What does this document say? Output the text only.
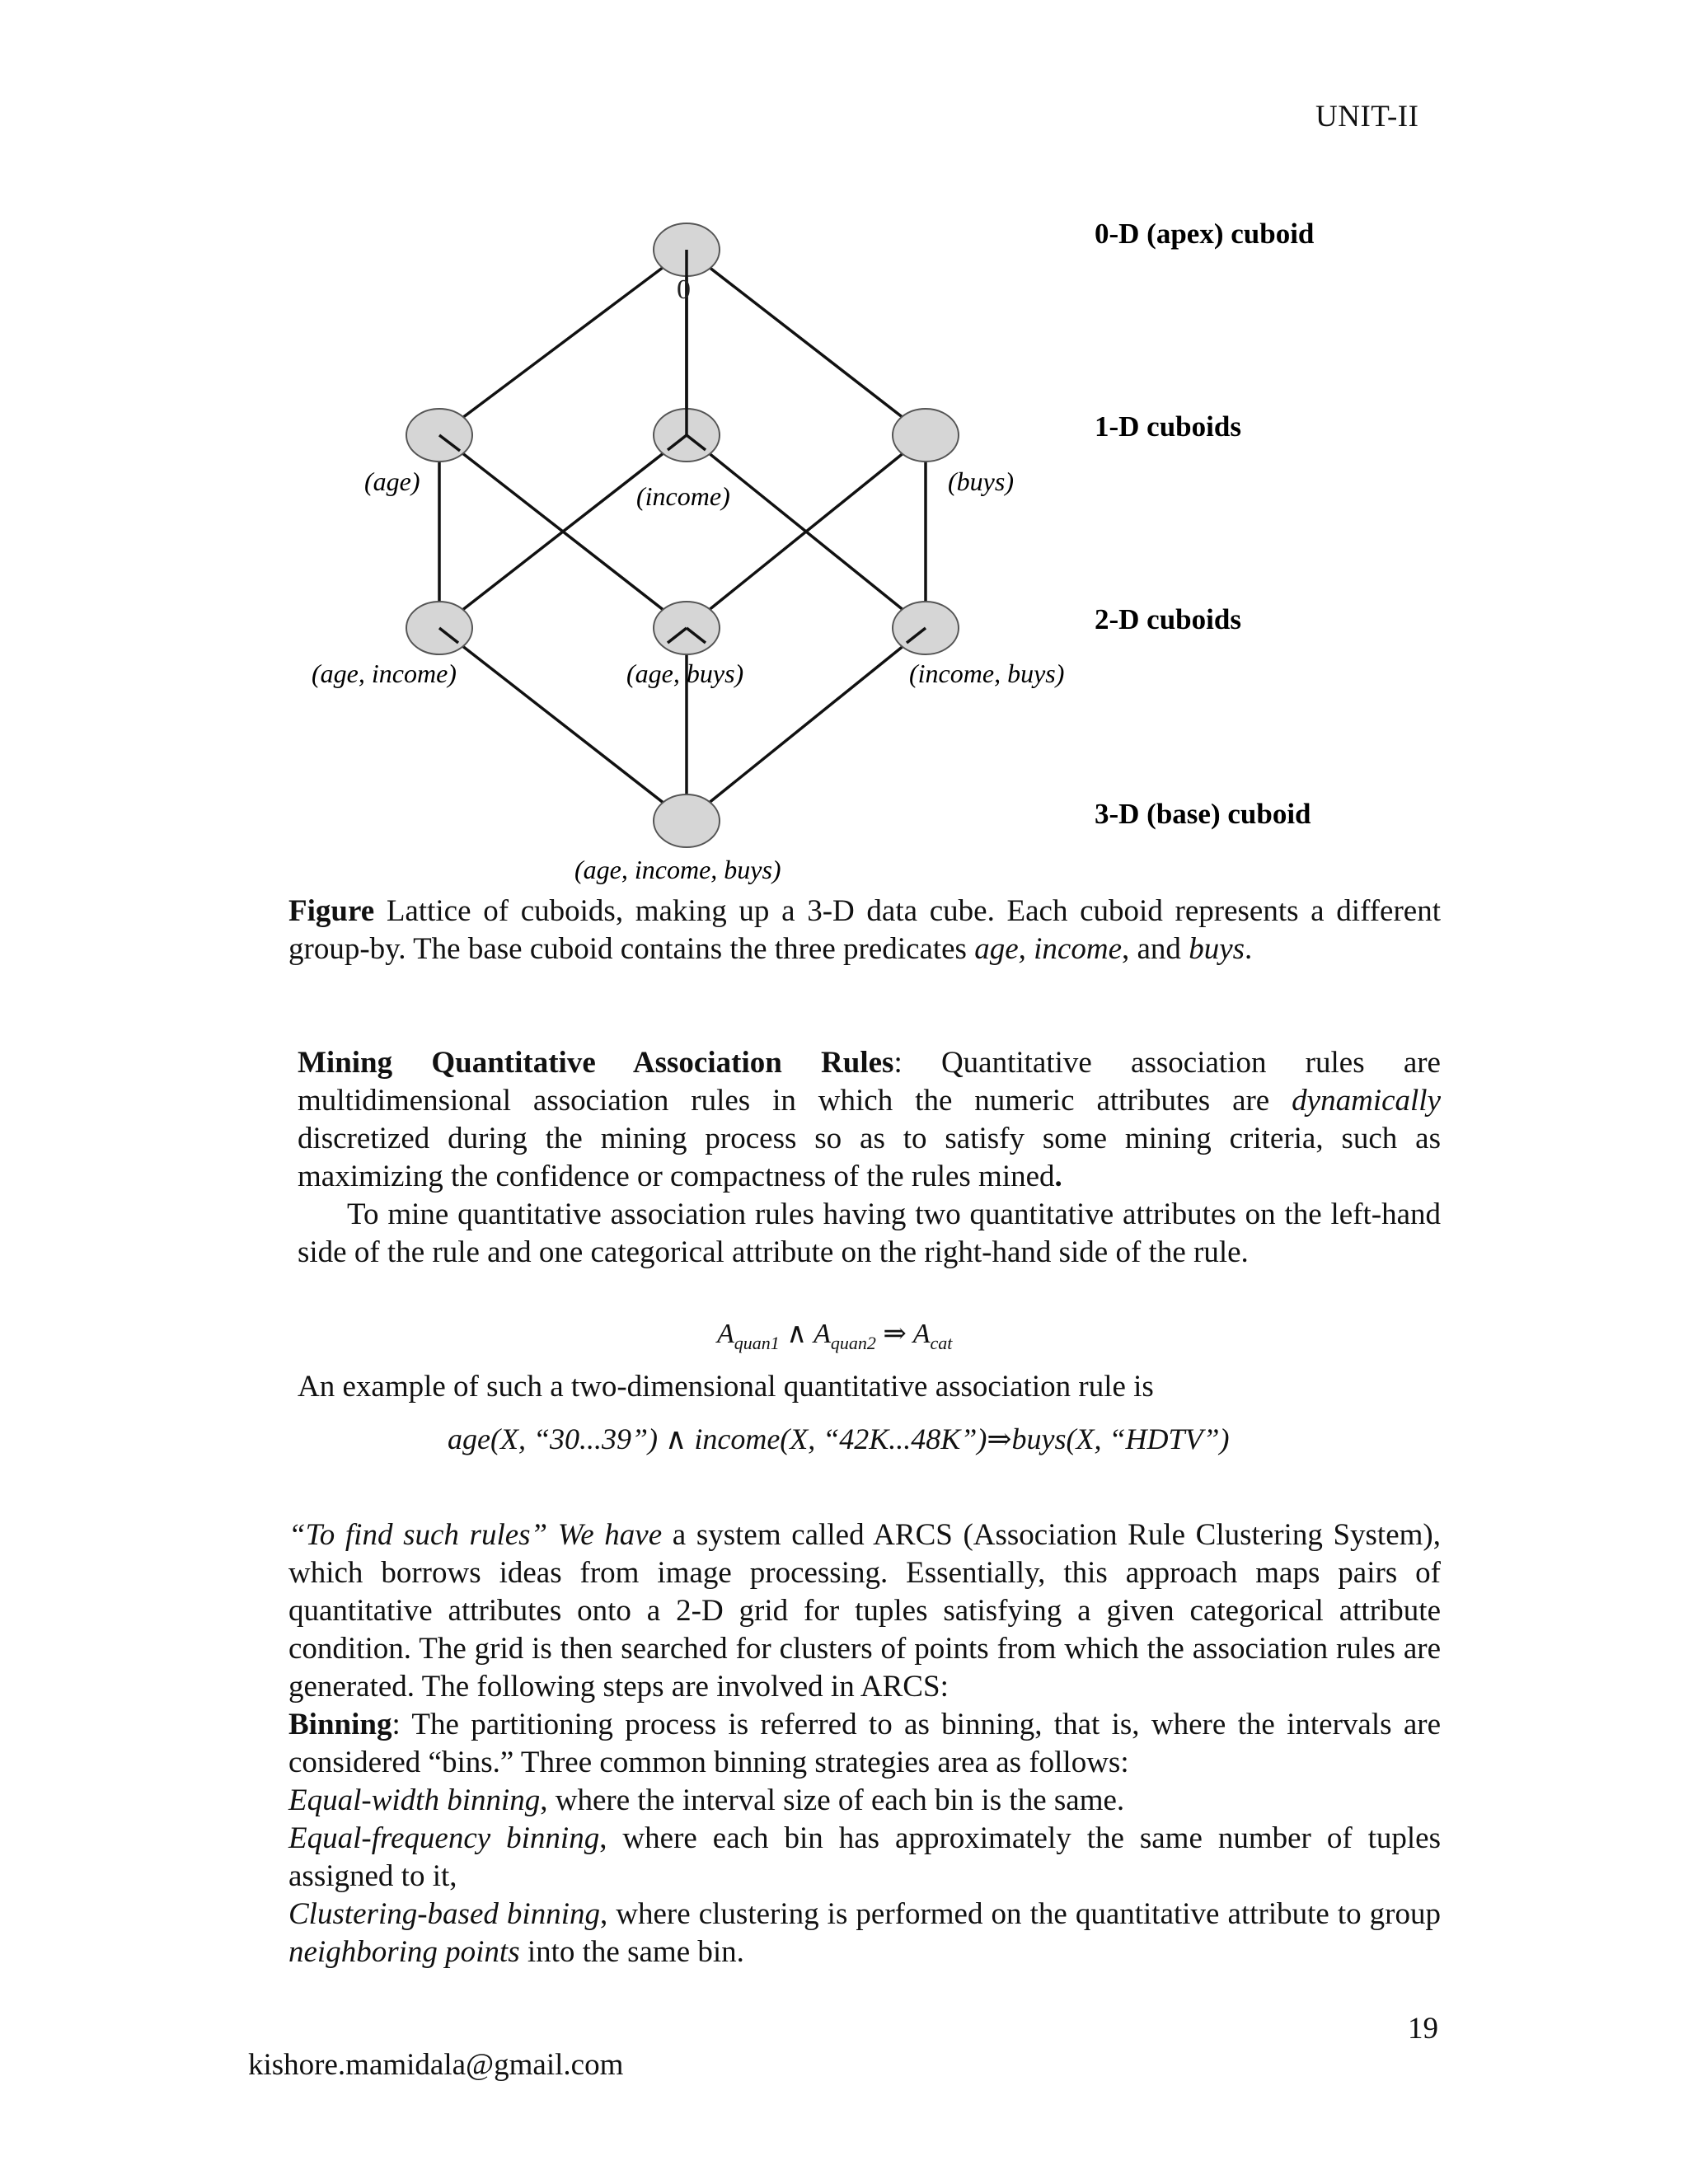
UNIT-II
0
0-D (apex) cuboid
1-D cuboids
2-D cuboids
3-D (base) cuboid
(age)	(income)	(buys)
(age, income)	(age, buys)	(income, buys)
(age, income, buys)

Figure Lattice of cuboids, making up a 3-D data cube. Each cuboid represents a different group-by. The base cuboid contains the three predicates age, income, and buys.

Mining Quantitative Association Rules: Quantitative association rules are multidimensional association rules in which the numeric attributes are dynamically discretized during the mining process so as to satisfy some mining criteria, such as maximizing the confidence or compactness of the rules mined.
To mine quantitative association rules having two quantitative attributes on the left-hand side of the rule and one categorical attribute on the right-hand side of the rule.
$A_{quan1}$ ∧ $A_{quan2}$ ⇒ $A_{cat}$
An example of such a two-dimensional quantitative association rule is
age(X, “30...39”) ∧ income(X, “42K...48K”)⇒buys(X, “HDTV”)
“To find such rules” We have a system called ARCS (Association Rule Clustering System), which borrows ideas from image processing. Essentially, this approach maps pairs of quantitative attributes onto a 2-D grid for tuples satisfying a given categorical attribute condition. The grid is then searched for clusters of points from which the association rules are generated. The following steps are involved in ARCS:
Binning: The partitioning process is referred to as binning, that is, where the intervals are considered “bins.” Three common binning strategies area as follows:
Equal-width binning, where the interval size of each bin is the same.
Equal-frequency binning, where each bin has approximately the same number of tuples assigned to it,
Clustering-based binning, where clustering is performed on the quantitative attribute to group neighboring points into the same bin.
19
kishore.mamidala@gmail.com
